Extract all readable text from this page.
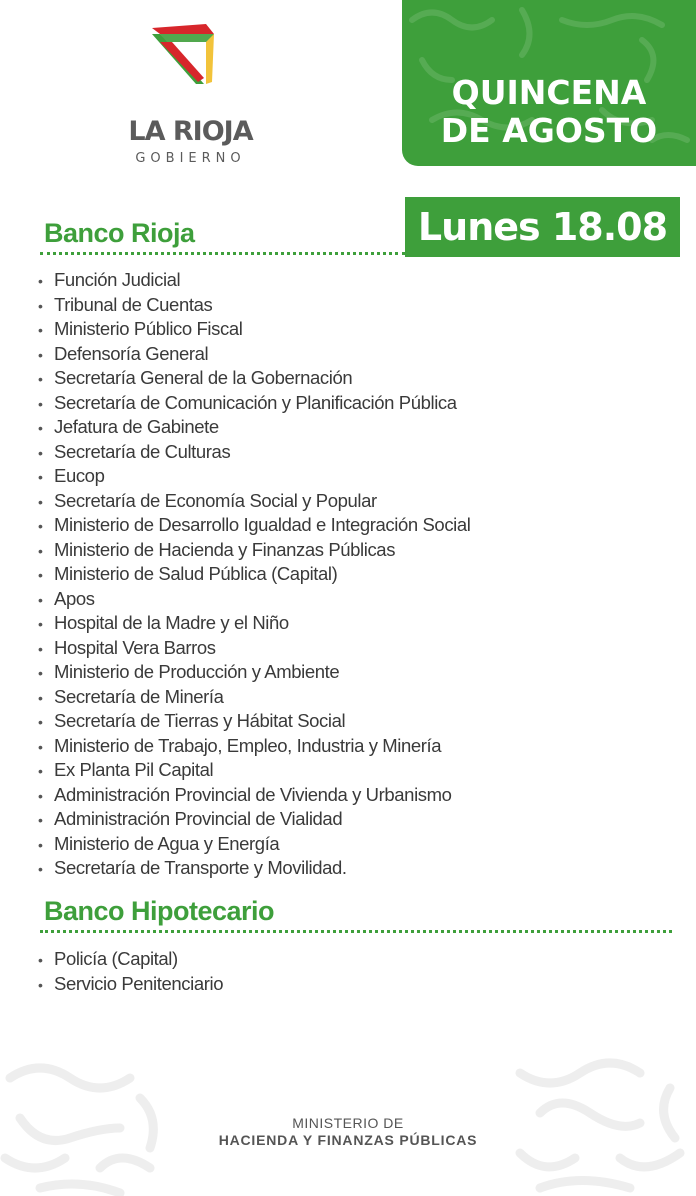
LA RIOJA
GOBIERNO
QUINCENA
DE AGOSTO
Lunes 18.08
Banco Rioja
• Función Judicial
• Tribunal de Cuentas
• Ministerio Público Fiscal
• Defensoría General
• Secretaría General de la Gobernación
• Secretaría de Comunicación y Planificación Pública
• Jefatura de Gabinete
• Secretaría de Culturas
• Eucop
• Secretaría de Economía Social y Popular
• Ministerio de Desarrollo Igualdad e Integración Social
• Ministerio de Hacienda y Finanzas Públicas
• Ministerio de Salud Pública (Capital)
• Apos
• Hospital de la Madre y el Niño
• Hospital Vera Barros
• Ministerio de Producción y Ambiente
• Secretaría de Minería
• Secretaría de Tierras y Hábitat Social
• Ministerio de Trabajo, Empleo, Industria y Minería
• Ex Planta Pil Capital
• Administración Provincial de Vivienda y Urbanismo
• Administración Provincial de Vialidad
• Ministerio de Agua y Energía
• Secretaría de Transporte y Movilidad.
Banco Hipotecario
• Policía (Capital)
• Servicio Penitenciario
MINISTERIO DE
HACIENDA Y FINANZAS PÚBLICAS
